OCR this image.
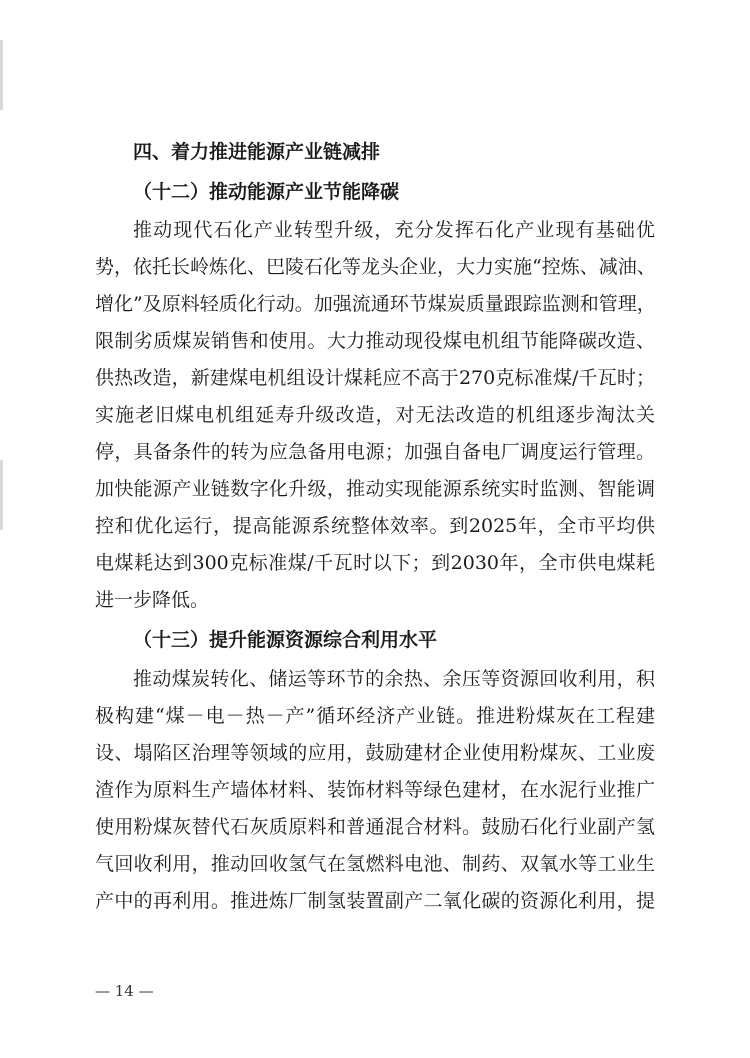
四、着力推进能源产业链减排
（十二）推动能源产业节能降碳
推动现代石化产业转型升级，充分发挥石化产业现有基础优
势，依托长岭炼化、巴陵石化等龙头企业，大力实施“控炼、减油、
增化”及原料轻质化行动。加强流通环节煤炭质量跟踪监测和管理，
限制劣质煤炭销售和使用。大力推动现役煤电机组节能降碳改造、
供热改造，新建煤电机组设计煤耗应不高于270克标准煤/千瓦时；
实施老旧煤电机组延寿升级改造，对无法改造的机组逐步淘汰关
停，具备条件的转为应急备用电源；加强自备电厂调度运行管理。
加快能源产业链数字化升级，推动实现能源系统实时监测、智能调
控和优化运行，提高能源系统整体效率。到2025年，全市平均供
电煤耗达到300克标准煤/千瓦时以下；到2030年，全市供电煤耗
进一步降低。
（十三）提升能源资源综合利用水平
推动煤炭转化、储运等环节的余热、余压等资源回收利用，积
极构建“煤－电－热－产”循环经济产业链。推进粉煤灰在工程建
设、塌陷区治理等领域的应用，鼓励建材企业使用粉煤灰、工业废
渣作为原料生产墙体材料、装饰材料等绿色建材，在水泥行业推广
使用粉煤灰替代石灰质原料和普通混合材料。鼓励石化行业副产氢
气回收利用，推动回收氢气在氢燃料电池、制药、双氧水等工业生
产中的再利用。推进炼厂制氢装置副产二氧化碳的资源化利用，提
— 14 —
